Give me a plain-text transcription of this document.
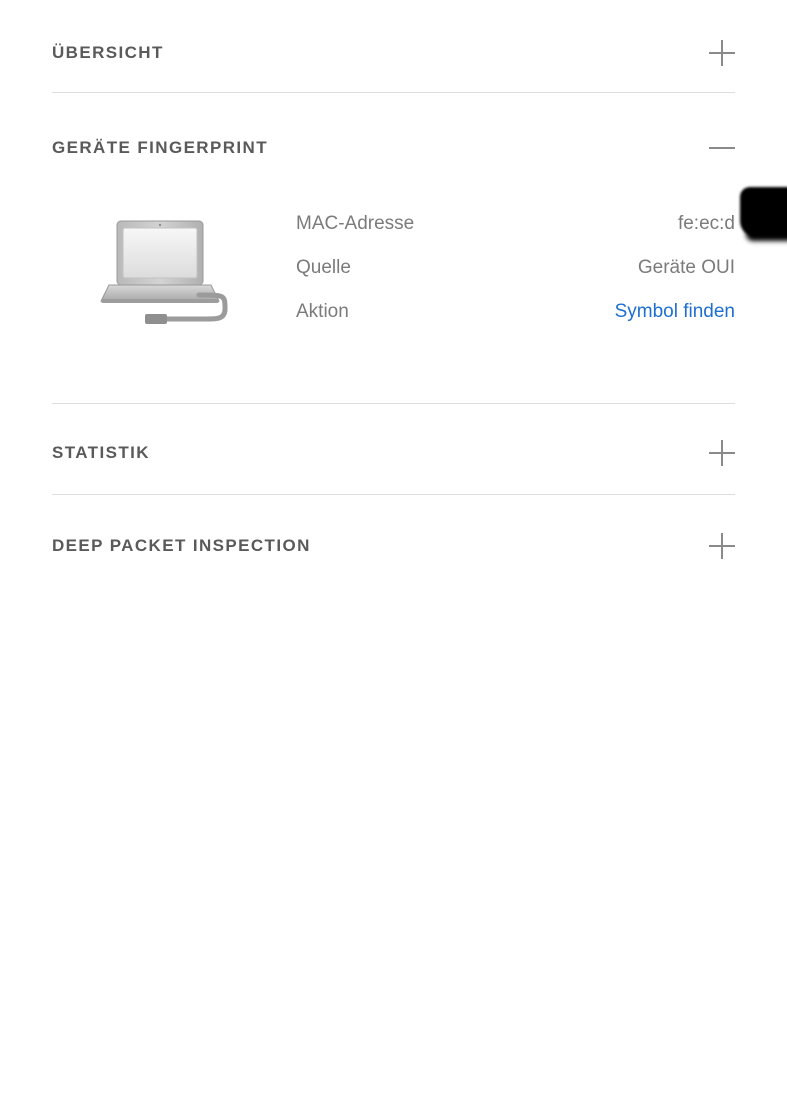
ÜBERSICHT
GERÄTE FINGERPRINT
MAC-Adresse	fe:ec:d
Quelle	Geräte OUI
Aktion	Symbol finden
STATISTIK
DEEP PACKET INSPECTION
